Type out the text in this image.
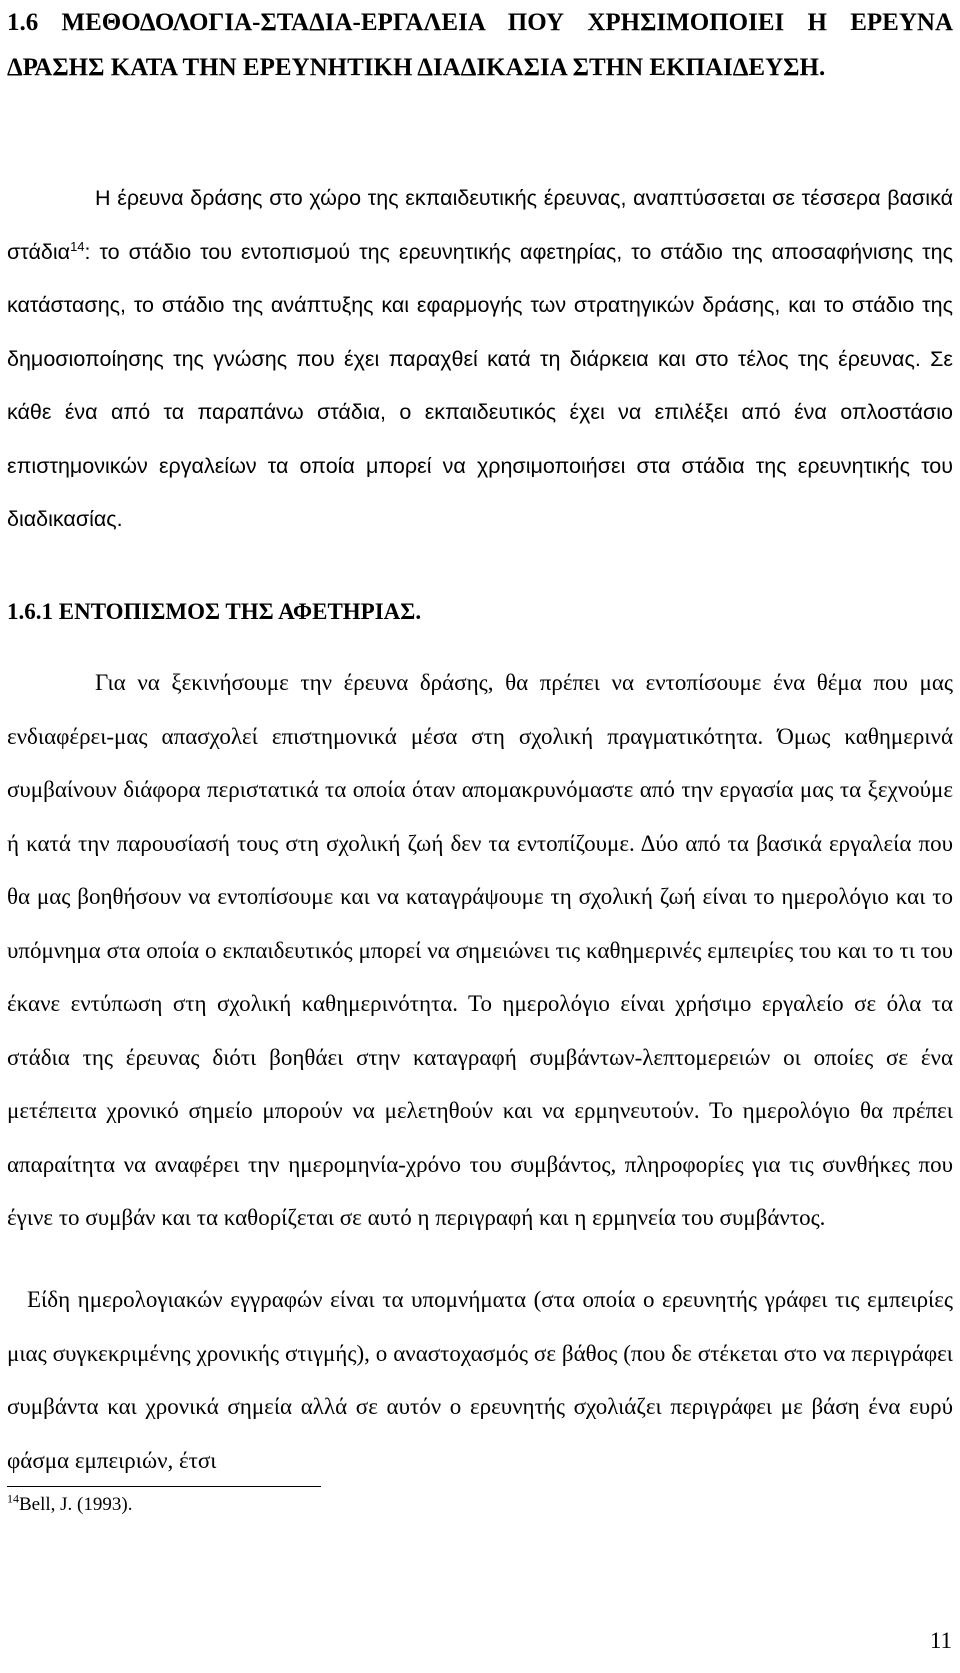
1.6 ΜΕΘΟΔΟΛΟΓΙΑ-ΣΤΑΔΙΑ-ΕΡΓΑΛΕΙΑ ΠΟΥ ΧΡΗΣΙΜΟΠΟΙΕΙ Η ΕΡΕΥΝΑ ΔΡΑΣΗΣ ΚΑΤΑ ΤΗΝ ΕΡΕΥΝΗΤΙΚΗ ΔΙΑΔΙΚΑΣΙΑ ΣΤΗΝ ΕΚΠΑΙΔΕΥΣΗ.

Η έρευνα δράσης στο χώρο της εκπαιδευτικής έρευνας, αναπτύσσεται σε τέσσερα βασικά στάδια$^{14}$: το στάδιο του εντοπισμού της ερευνητικής αφετηρίας, το στάδιο της αποσαφήνισης της κατάστασης, το στάδιο της ανάπτυξης και εφαρμογής των στρατηγικών δράσης, και το στάδιο της δημοσιοποίησης της γνώσης που έχει παραχθεί κατά τη διάρκεια και στο τέλος της έρευνας. Σε κάθε ένα από τα παραπάνω στάδια, ο εκπαιδευτικός έχει να επιλέξει από ένα οπλοστάσιο επιστημονικών εργαλείων τα οποία μπορεί να χρησιμοποιήσει στα στάδια της ερευνητικής του διαδικασίας.

1.6.1 ΕΝΤΟΠΙΣΜΟΣ ΤΗΣ ΑΦΕΤΗΡΙΑΣ.

Για να ξεκινήσουμε την έρευνα δράσης, θα πρέπει να εντοπίσουμε ένα θέμα που μας ενδιαφέρει-μας απασχολεί επιστημονικά μέσα στη σχολική πραγματικότητα. Όμως καθημερινά συμβαίνουν διάφορα περιστατικά τα οποία όταν απομακρυνόμαστε από την εργασία μας τα ξεχνούμε ή κατά την παρουσίασή τους στη σχολική ζωή δεν τα εντοπίζουμε. Δύο από τα βασικά εργαλεία που θα μας βοηθήσουν να εντοπίσουμε και να καταγράψουμε τη σχολική ζωή είναι το ημερολόγιο και το υπόμνημα στα οποία ο εκπαιδευτικός μπορεί να σημειώνει τις καθημερινές εμπειρίες του και το τι του έκανε εντύπωση στη σχολική καθημερινότητα. Το ημερολόγιο είναι χρήσιμο εργαλείο σε όλα τα στάδια της έρευνας διότι βοηθάει στην καταγραφή συμβάντων-λεπτομερειών οι οποίες σε ένα μετέπειτα χρονικό σημείο μπορούν να μελετηθούν και να ερμηνευτούν. Το ημερολόγιο θα πρέπει απαραίτητα να αναφέρει την ημερομηνία-χρόνο του συμβάντος, πληροφορίες για τις συνθήκες που έγινε το συμβάν και τα καθορίζεται σε αυτό η περιγραφή και η ερμηνεία του συμβάντος.

Είδη ημερολογιακών εγγραφών είναι τα υπομνήματα (στα οποία ο ερευνητής γράφει τις εμπειρίες μιας συγκεκριμένης χρονικής στιγμής), ο αναστοχασμός σε βάθος (που δε στέκεται στο να περιγράφει συμβάντα και χρονικά σημεία αλλά σε αυτόν ο ερευνητής σχολιάζει περιγράφει με βάση ένα ευρύ φάσμα εμπειριών, έτσι

$^{14}$Bell, J. (1993).

11
